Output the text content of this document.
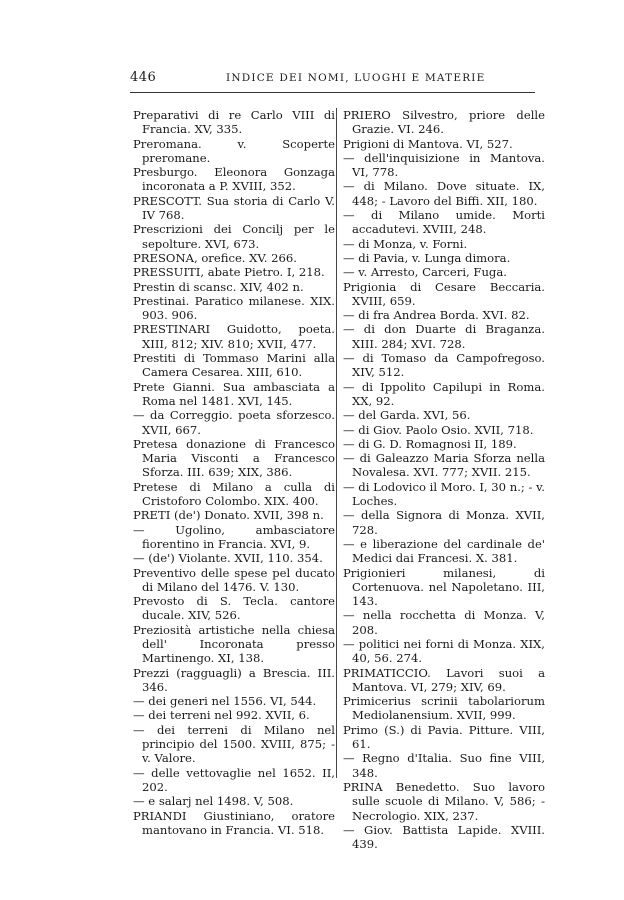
446	INDICE DEI NOMI, LUOGHI E MATERIE
Preparativi di re Carlo VIII di Francia. XV, 335.
Preromana. v. Scoperte preromane.
Presburgo. Eleonora Gonzaga incoronata a P. XVIII, 352.
PRESCOTT. Sua storia di Carlo V. IV 768.
Prescrizioni dei Concilj per le sepolture. XVI, 673.
PRESONA, orefice. XV. 266.
PRESSUITI, abate Pietro. I, 218.
Prestin di scansc. XIV, 402 n.
Prestinai. Paratico milanese. XIX. 903. 906.
PRESTINARI Guidotto, poeta. XIII, 812; XIV. 810; XVII, 477.
Prestiti di Tommaso Marini alla Camera Cesarea. XIII, 610.
Prete Gianni. Sua ambasciata a Roma nel 1481. XVI, 145.
— da Correggio. poeta sforzesco. XVII, 667.
Pretesa donazione di Francesco Maria Visconti a Francesco Sforza. III. 639; XIX, 386.
Pretese di Milano a culla di Cristoforo Colombo. XIX. 400.
PRETI (de') Donato. XVII, 398 n.
— Ugolino, ambasciatore fiorentino in Francia. XVI, 9.
— (de') Violante. XVII, 110. 354.
Preventivo delle spese pel ducato di Milano del 1476. V. 130.
Prevosto di S. Tecla. cantore ducale. XIV, 526.
Preziosità artistiche nella chiesa dell' Incoronata presso Martinengo. XI, 138.
Prezzi (ragguagli) a Brescia. III. 346.
— dei generi nel 1556. VI, 544.
— dei terreni nel 992. XVII, 6.
— dei terreni di Milano nel principio del 1500. XVIII, 875; - v. Valore.
— delle vettovaglie nel 1652. II, 202.
— e salarj nel 1498. V, 508.
PRIANDI Giustiniano, oratore mantovano in Francia. VI. 518.
PRIERO Silvestro, priore delle Grazie. VI. 246.
Prigioni di Mantova. VI, 527.
— dell'inquisizione in Mantova. VI, 778.
— di Milano. Dove situate. IX, 448; - Lavoro del Biffi. XII, 180.
— di Milano umide. Morti accadutevi. XVIII, 248.
— di Monza, v. Forni.
— di Pavia, v. Lunga dimora.
— v. Arresto, Carceri, Fuga.
Prigionia di Cesare Beccaria. XVIII, 659.
— di fra Andrea Borda. XVI. 82.
— di don Duarte di Braganza. XIII. 284; XVI. 728.
— di Tomaso da Campofregoso. XIV, 512.
— di Ippolito Capilupi in Roma. XX, 92.
— del Garda. XVI, 56.
— di Giov. Paolo Osio. XVII, 718.
— di G. D. Romagnosi II, 189.
— di Galeazzo Maria Sforza nella Novalesa. XVI. 777; XVII. 215.
— di Lodovico il Moro. I, 30 n.; - v. Loches.
— della Signora di Monza. XVII, 728.
— e liberazione del cardinale de' Medici dai Francesi. X. 381.
Prigionieri milanesi, di Cortenuova. nel Napoletano. III, 143.
— nella rocchetta di Monza. V, 208.
— politici nei forni di Monza. XIX, 40, 56. 274.
PRIMATICCIO. Lavori suoi a Mantova. VI, 279; XIV, 69.
Primicerius scrinii tabolariorum Mediolanensium. XVII, 999.
Primo (S.) di Pavia. Pitture. VIII, 61.
— Regno d'Italia. Suo fine VIII, 348.
PRINA Benedetto. Suo lavoro sulle scuole di Milano. V, 586; - Necrologio. XIX, 237.
— Giov. Battista Lapide. XVIII. 439.
